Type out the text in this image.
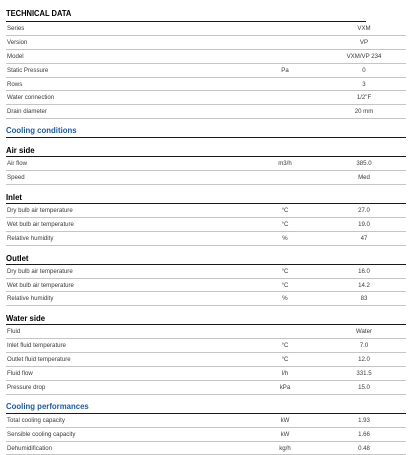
TECHNICAL DATA
Series	VXM
Version	VP
Model	VXM/VP 234
Static Pressure	Pa	0
Rows	3
Water connection	1/2"F
Drain diameter	20 mm
Cooling conditions
Air side
Air flow	m3/h	385.0
Speed	Med
Inlet
Dry bulb air temperature	°C	27.0
Wet bulb air temperature	°C	19.0
Relative humidity	%	47
Outlet
Dry bulb air temperature	°C	16.0
Wet bulb air temperature	°C	14.2
Relative humidity	%	83
Water side
Fluid	Water
Inlet fluid temperature	°C	7.0
Outlet fluid temperature	°C	12.0
Fluid flow	l/h	331.5
Pressure drop	kPa	15.0
Cooling performances
Total cooling capacity	kW	1.93
Sensible cooling capacity	kW	1.66
Dehumidification	kg/h	0.48
